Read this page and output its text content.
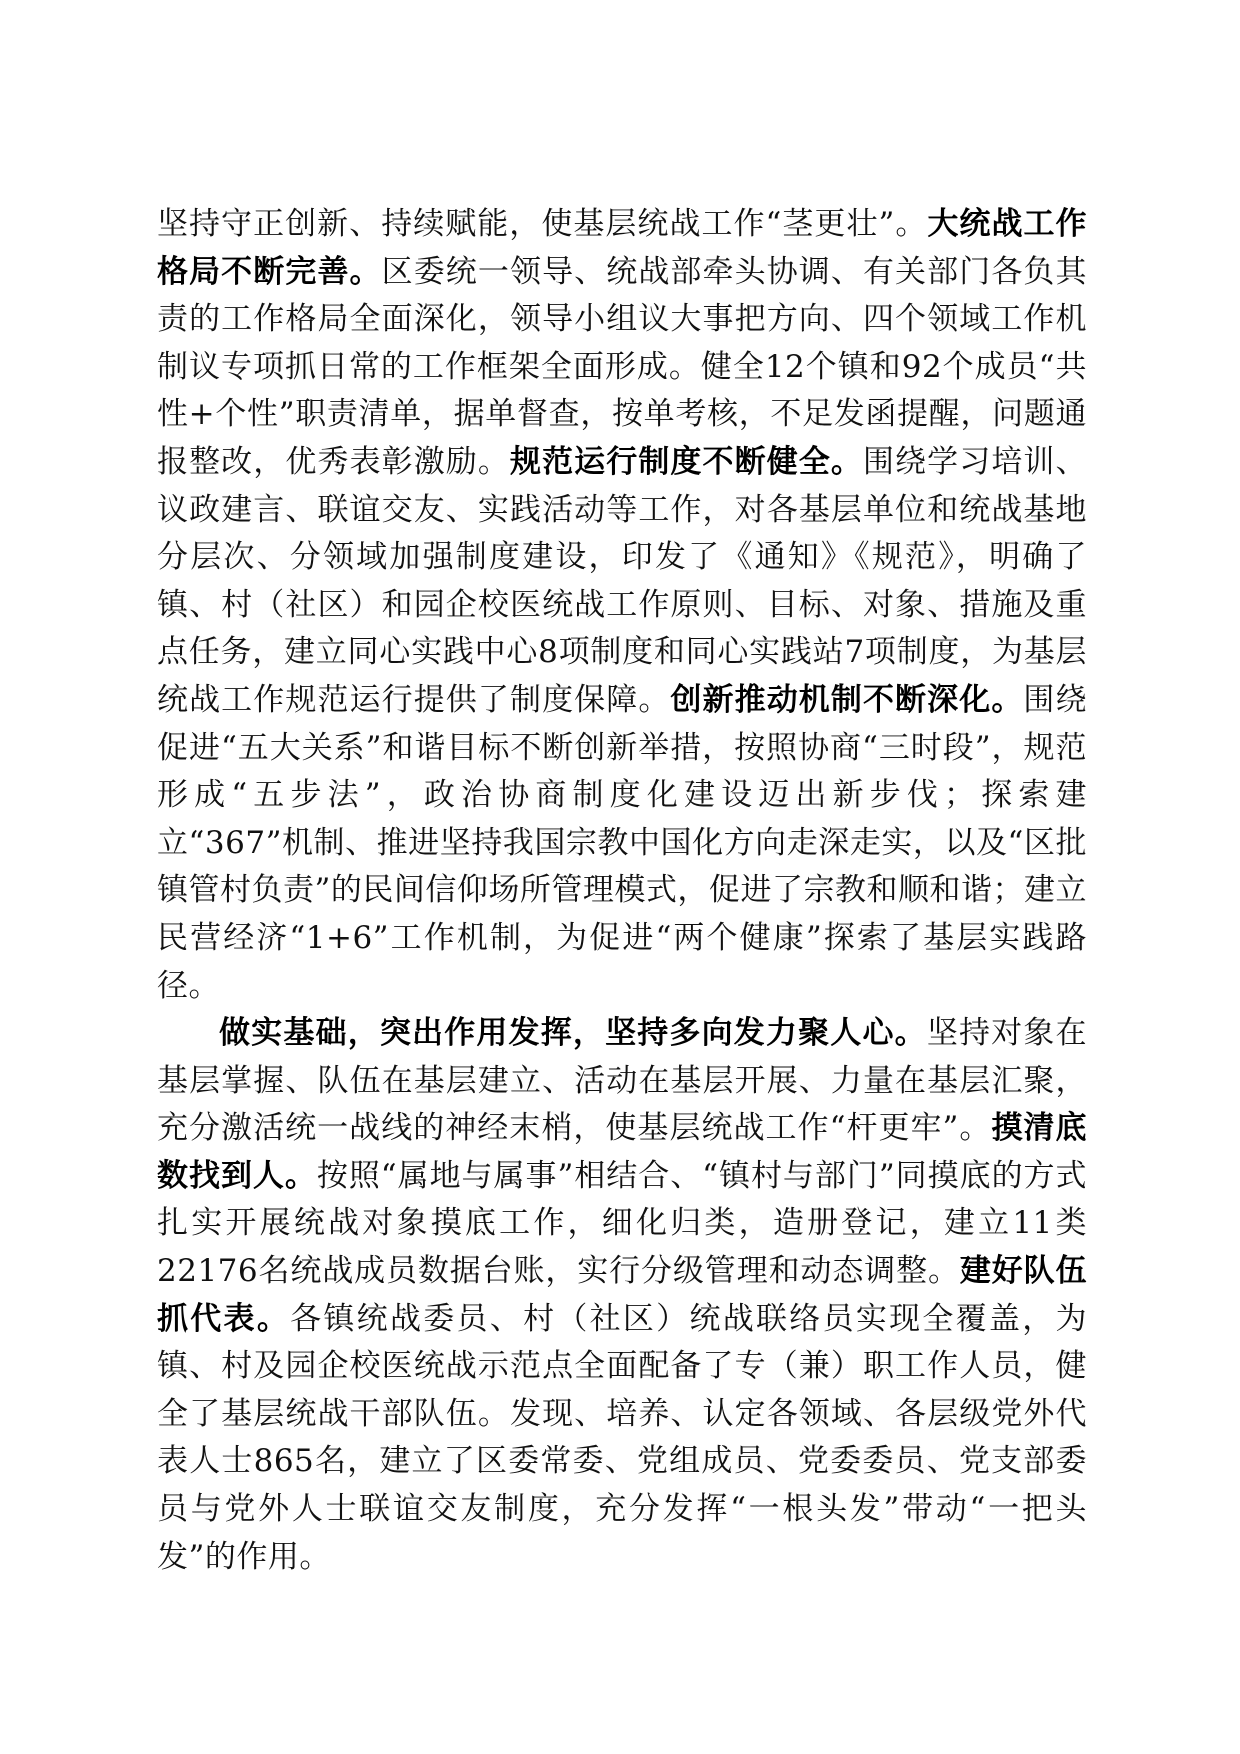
坚持守正创新、持续赋能，使基层统战工作“茎更壮”。大统战工作格局不断完善。区委统一领导、统战部牵头协调、有关部门各负其责的工作格局全面深化，领导小组议大事把方向、四个领域工作机制议专项抓日常的工作框架全面形成。健全12个镇和92个成员“共性+个性”职责清单，据单督查，按单考核，不足发函提醒，问题通报整改，优秀表彰激励。规范运行制度不断健全。围绕学习培训、议政建言、联谊交友、实践活动等工作，对各基层单位和统战基地分层次、分领域加强制度建设，印发了《通知》《规范》，明确了镇、村（社区）和园企校医统战工作原则、目标、对象、措施及重点任务，建立同心实践中心8项制度和同心实践站7项制度，为基层统战工作规范运行提供了制度保障。创新推动机制不断深化。围绕促进“五大关系”和谐目标不断创新举措，按照协商“三时段”，规范形成“五步法”，政治协商制度化建设迈出新步伐；探索建立“367”机制、推进坚持我国宗教中国化方向走深走实，以及“区批镇管村负责”的民间信仰场所管理模式，促进了宗教和顺和谐；建立民营经济“1+6”工作机制，为促进“两个健康”探索了基层实践路径。

做实基础，突出作用发挥，坚持多向发力聚人心。坚持对象在基层掌握、队伍在基层建立、活动在基层开展、力量在基层汇聚，充分激活统一战线的神经末梢，使基层统战工作“杆更牢”。摸清底数找到人。按照“属地与属事”相结合、“镇村与部门”同摸底的方式扎实开展统战对象摸底工作，细化归类，造册登记，建立11类22176名统战成员数据台账，实行分级管理和动态调整。建好队伍抓代表。各镇统战委员、村（社区）统战联络员实现全覆盖，为镇、村及园企校医统战示范点全面配备了专（兼）职工作人员，健全了基层统战干部队伍。发现、培养、认定各领域、各层级党外代表人士865名，建立了区委常委、党组成员、党委委员、党支部委员与党外人士联谊交友制度，充分发挥“一根头发”带动“一把头发”的作用。
